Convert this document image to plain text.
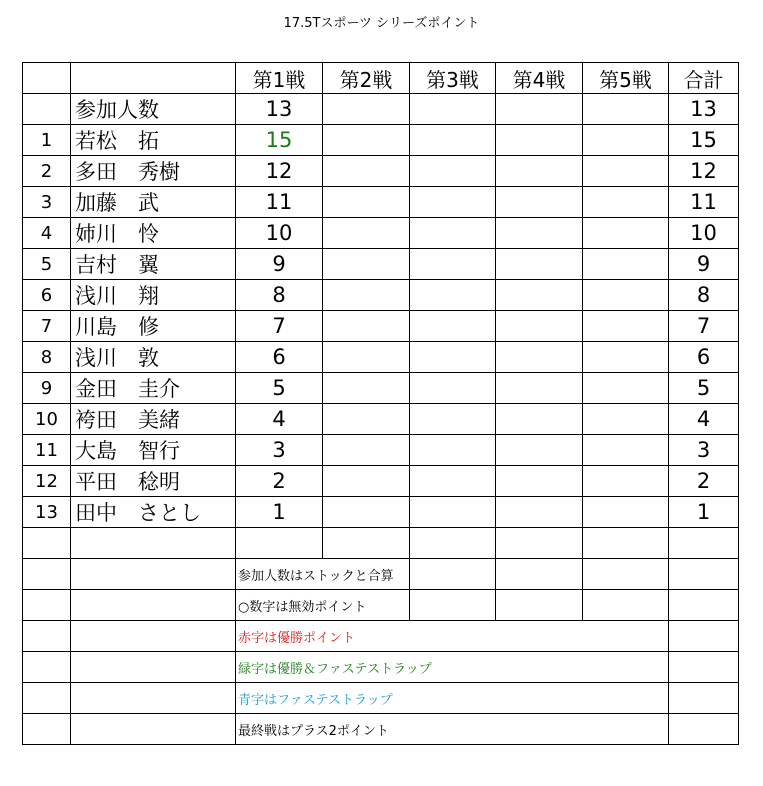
17.5Tスポーツ シリーズポイント
		第1戦	第2戦	第3戦	第4戦	第5戦	合計
	参加人数	13					13
1	若松　拓	15					15
2	多田　秀樹	12					12
3	加藤　武	11					11
4	姉川　怜	10					10
5	吉村　翼	9					9
6	浅川　翔	8					8
7	川島　修	7					7
8	浅川　敦	6					6
9	金田　圭介	5					5
10	袴田　美緒	4					4
11	大島　智行	3					3
12	平田　稔明	2					2
13	田中　さとし	1					1

		参加人数はストックと合算					
		○数字は無効ポイント					
		赤字は優勝ポイント					
		緑字は優勝＆ファステストラップ					
		青字はファステストラップ					
		最終戦はプラス2ポイント					
